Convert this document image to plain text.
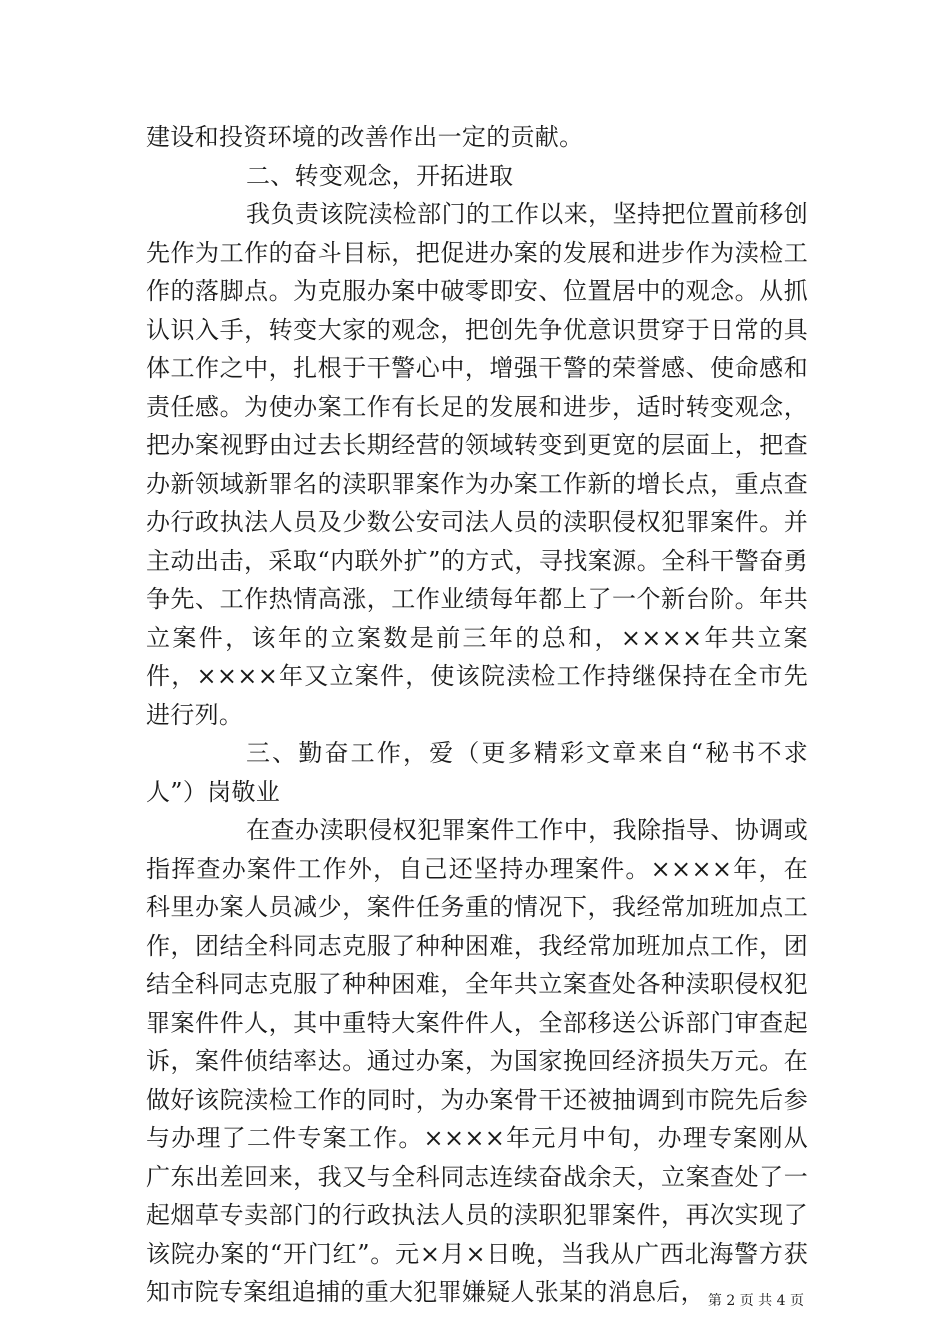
建设和投资环境的改善作出一定的贡献。

二、转变观念，开拓进取

我负责该院渎检部门的工作以来，坚持把位置前移创先作为工作的奋斗目标，把促进办案的发展和进步作为渎检工作的落脚点。为克服办案中破零即安、位置居中的观念。从抓认识入手，转变大家的观念，把创先争优意识贯穿于日常的具体工作之中，扎根于干警心中，增强干警的荣誉感、使命感和责任感。为使办案工作有长足的发展和进步，适时转变观念，把办案视野由过去长期经营的领域转变到更宽的层面上，把查办新领域新罪名的渎职罪案作为办案工作新的增长点，重点查办行政执法人员及少数公安司法人员的渎职侵权犯罪案件。并主动出击，采取“内联外扩”的方式，寻找案源。全科干警奋勇争先、工作热情高涨，工作业绩每年都上了一个新台阶。年共立案件，该年的立案数是前三年的总和，××××年共立案件，××××年又立案件，使该院渎检工作持继保持在全市先进行列。

三、勤奋工作，爱（更多精彩文章来自“秘书不求人”）岗敬业

在查办渎职侵权犯罪案件工作中，我除指导、协调或指挥查办案件工作外，自己还坚持办理案件。××××年，在科里办案人员减少，案件任务重的情况下，我经常加班加点工作，团结全科同志克服了种种困难，我经常加班加点工作，团结全科同志克服了种种困难，全年共立案查处各种渎职侵权犯罪案件件人，其中重特大案件件人，全部移送公诉部门审查起诉，案件侦结率达。通过办案，为国家挽回经济损失万元。在做好该院渎检工作的同时，为办案骨干还被抽调到市院先后参与办理了二件专案工作。××××年元月中旬，办理专案刚从广东出差回来，我又与全科同志连续奋战余天，立案查处了一起烟草专卖部门的行政执法人员的渎职犯罪案件，再次实现了该院办案的“开门红”。元×月×日晚，当我从广西北海警方获知市院专案组追捕的重大犯罪嫌疑人张某的消息后， 第 2 页 共 4 页
